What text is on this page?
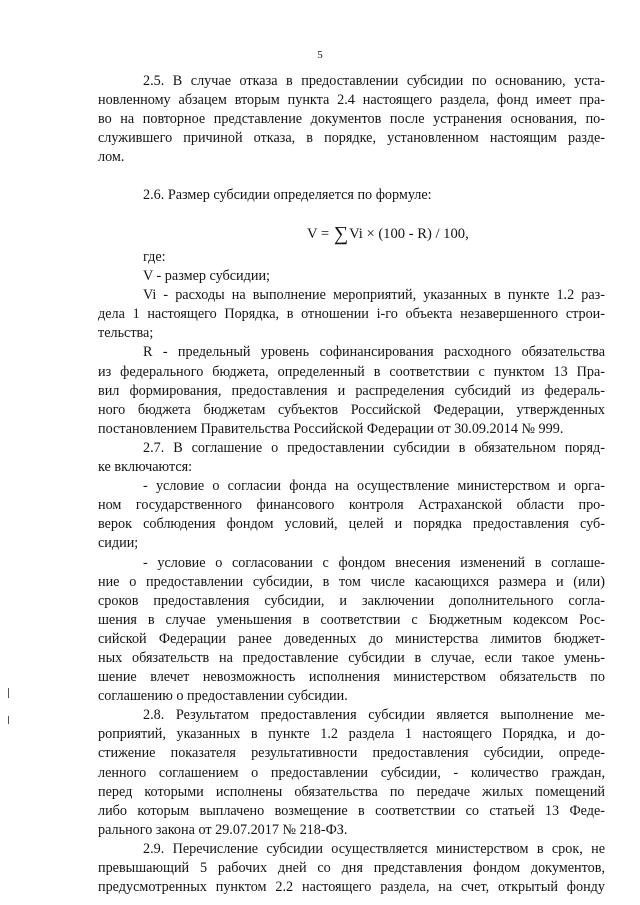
5
2.5. В случае отказа в предоставлении субсидии по основанию, уста-
новленному абзацем вторым пункта 2.4 настоящего раздела, фонд имеет пра-
во на повторное представление документов после устранения основания, по-
служившего причиной отказа, в порядке, установленном настоящим разде-
лом.
2.6. Размер субсидии определяется по формуле:
V = ∑Vi × (100 - R) / 100,
где:
V - размер субсидии;
Vi - расходы на выполнение мероприятий, указанных в пункте 1.2 раз-
дела 1 настоящего Порядка, в отношении i-го объекта незавершенного строи-
тельства;
R - предельный уровень софинансирования расходного обязательства
из федерального бюджета, определенный в соответствии с пунктом 13 Пра-
вил формирования, предоставления и распределения субсидий из федераль-
ного бюджета бюджетам субъектов Российской Федерации, утвержденных
постановлением Правительства Российской Федерации от 30.09.2014 № 999.
2.7. В соглашение о предоставлении субсидии в обязательном поряд-
ке включаются:
- условие о согласии фонда на осуществление министерством и орга-
ном государственного финансового контроля Астраханской области про-
верок соблюдения фондом условий, целей и порядка предоставления суб-
сидии;
- условие о согласовании с фондом внесения изменений в соглаше-
ние о предоставлении субсидии, в том числе касающихся размера и (или)
сроков предоставления субсидии, и заключении дополнительного согла-
шения в случае уменьшения в соответствии с Бюджетным кодексом Рос-
сийской Федерации ранее доведенных до министерства лимитов бюджет-
ных обязательств на предоставление субсидии в случае, если такое умень-
шение влечет невозможность исполнения министерством обязательств по
соглашению о предоставлении субсидии.
2.8. Результатом предоставления субсидии является выполнение ме-
роприятий, указанных в пункте 1.2 раздела 1 настоящего Порядка, и до-
стижение показателя результативности предоставления субсидии, опреде-
ленного соглашением о предоставлении субсидии, - количество граждан,
перед которыми исполнены обязательства по передаче жилых помещений
либо которым выплачено возмещение в соответствии со статьей 13 Феде-
рального закона от 29.07.2017 № 218-ФЗ.
2.9. Перечисление субсидии осуществляется министерством в срок, не
превышающий 5 рабочих дней со дня представления фондом документов,
предусмотренных пунктом 2.2 настоящего раздела, на счет, открытый фонду
